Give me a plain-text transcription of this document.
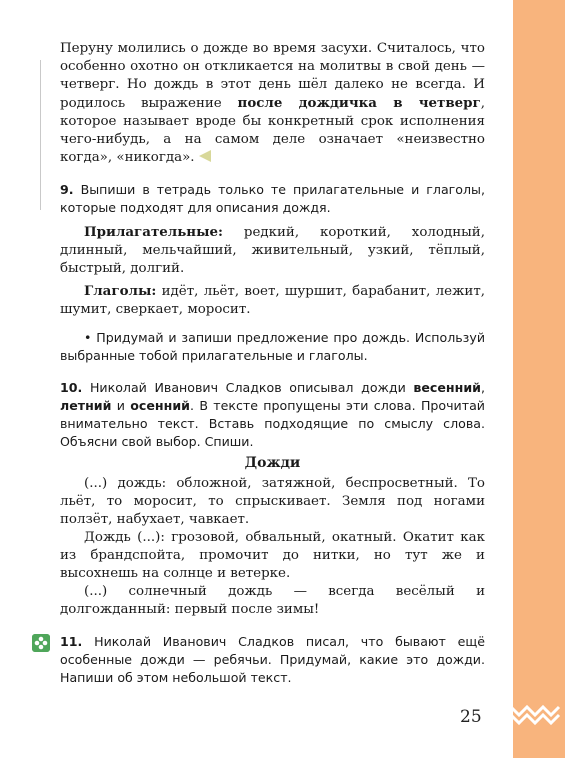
Перуну молились о дожде во время засухи. Считалось, что особенно охотно он откликается на молитвы в свой день — четверг. Но дождь в этот день шёл далеко не всегда. И родилось выражение после дождичка в четверг, которое называет вроде бы конкретный срок исполнения чего-нибудь, а на самом деле означает «неизвестно когда», «никогда».

9. Выпиши в тетрадь только те прилагательные и глаголы, которые подходят для описания дождя.

Прилагательные: редкий, короткий, холодный, длинный, мельчайший, живительный, узкий, тёплый, быстрый, долгий.

Глаголы: идёт, льёт, воет, шуршит, барабанит, лежит, шумит, сверкает, моросит.

• Придумай и запиши предложение про дождь. Используй выбранные тобой прилагательные и глаголы.

10. Николай Иванович Сладков описывал дожди весенний, летний и осенний. В тексте пропущены эти слова. Прочитай внимательно текст. Вставь подходящие по смыслу слова. Объясни свой выбор. Спиши.

Дожди

(...) дождь: обложной, затяжной, беспросветный. То льёт, то моросит, то спрыскивает. Земля под ногами ползёт, набухает, чавкает.

Дождь (...): грозовой, обвальный, окатный. Окатит как из брандспойта, промочит до нитки, но тут же и высохнешь на солнце и ветерке.

(...) солнечный дождь — всегда весёлый и долгожданный: первый после зимы!

11. Николай Иванович Сладков писал, что бывают ещё особенные дожди — ребячьи. Придумай, какие это дожди. Напиши об этом небольшой текст.

25
